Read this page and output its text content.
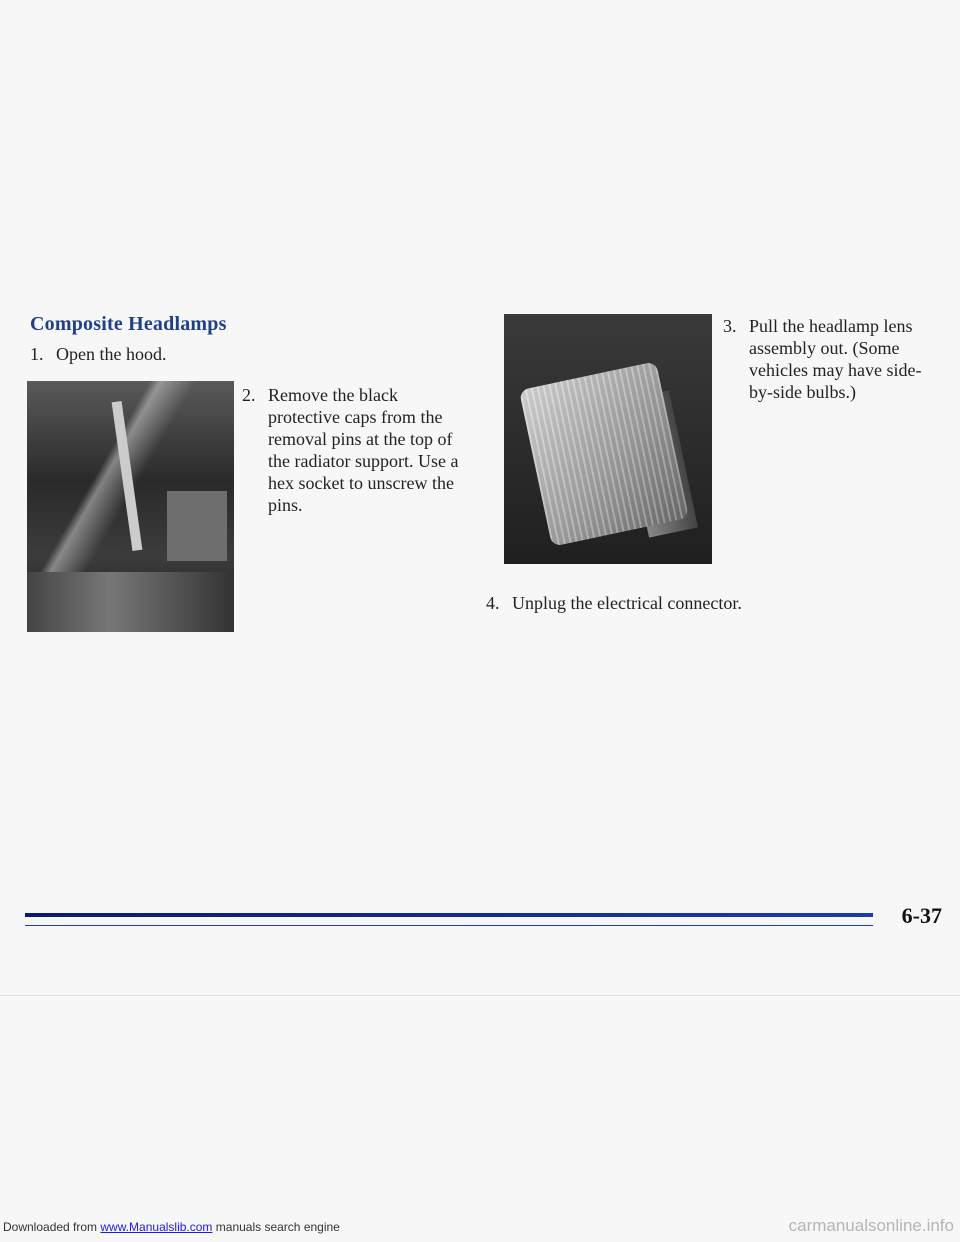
Composite Headlamps
1. Open the hood.
2. Remove the black protective caps from the removal pins at the top of the radiator support. Use a hex socket to unscrew the pins.
3. Pull the headlamp lens assembly out. (Some vehicles may have side-by-side bulbs.)
4. Unplug the electrical connector.
6-37
Downloaded from www.Manualslib.com manuals search engine	carmanualsonline.info
